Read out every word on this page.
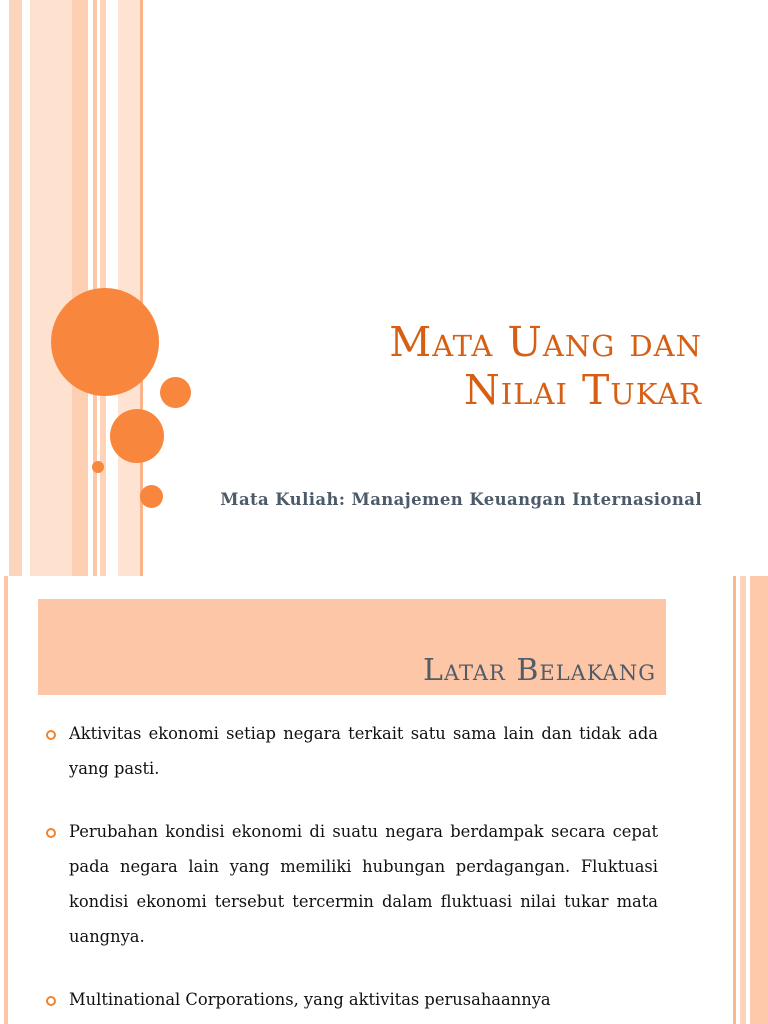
Mata Uang dan
Nilai Tukar
Mata Kuliah: Manajemen Keuangan Internasional
Latar Belakang
Aktivitas ekonomi setiap negara terkait satu sama lain dan tidak ada yang pasti.
Perubahan kondisi ekonomi di suatu negara berdampak secara cepat pada negara lain yang memiliki hubungan perdagangan. Fluktuasi kondisi ekonomi tersebut tercermin dalam fluktuasi nilai tukar mata uangnya.
Multinational Corporations, yang aktivitas perusahaannya
